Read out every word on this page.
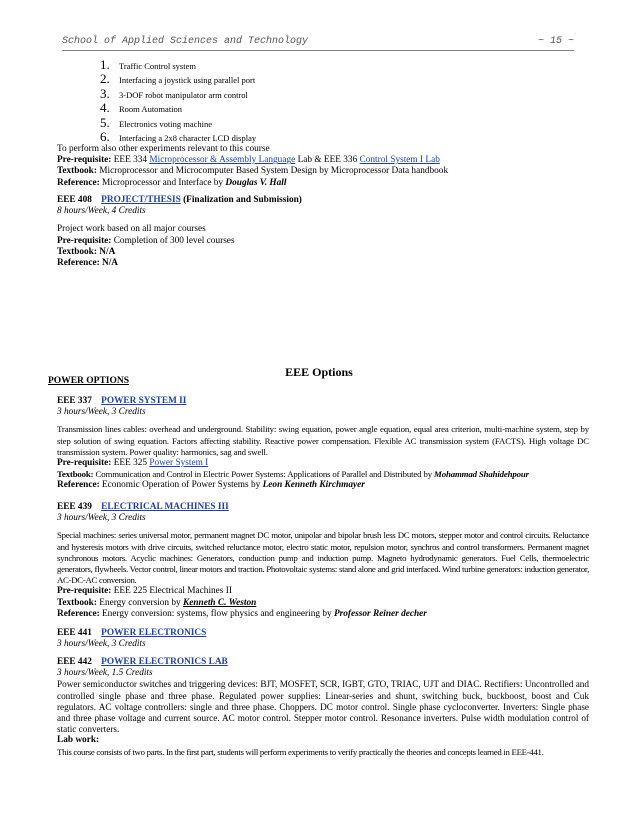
School of Applied Sciences and Technology	~ 15 ~
1. Traffic Control system
2. Interfacing a joystick using parallel port
3. 3-DOF robot manipulator arm control
4. Room Automation
5. Electronics voting machine
6. Interfacing a 2x8 character LCD display

To perform also other experiments relevant to this course

Pre-requisite: EEE 334 Microprocessor & Assembly Language Lab & EEE 336 Control System I Lab

Textbook: Microprocessor and Microcomputer Based System Design by Microprocessor Data handbook

Reference: Microprocessor and Interface by Douglas V. Hall

EEE 408 PROJECT/THESIS (Finalization and Submission)

8 hours/Week, 4 Credits

Project work based on all major courses

Pre-requisite: Completion of 300 level courses

Textbook: N/A

Reference: N/A

EEE Options
POWER OPTIONS

EEE 337 POWER SYSTEM II

3 hours/Week, 3 Credits

Transmission lines cables: overhead and underground. Stability: swing equation, power angle equation, equal area criterion, multi-machine system, step by step solution of swing equation. Factors affecting stability. Reactive power compensation. Flexible AC transmission system (FACTS). High voltage DC transmission system. Power quality: harmonics, sag and swell.

Pre-requisite: EEE 325 Power System I

Textbook: Communication and Control in Electric Power Systems: Applications of Parallel and Distributed by Mohammad Shahidehpour

Reference: Economic Operation of Power Systems by Leon Kenneth Kirchmayer

EEE 439 ELECTRICAL MACHINES III

3 hours/Week, 3 Credits

Special machines: series universal motor, permanent magnet DC motor, unipolar and bipolar brush less DC motors, stepper motor and control circuits. Reluctance and hysteresis motors with drive circuits, switched reluctance motor, electro static motor, repulsion motor, synchros and control transformers. Permanent magnet synchronous motors. Acyclic machines: Generators, conduction pump and induction pump. Magneto hydrodynamic generators. Fuel Cells, thermoelectric generators, flywheels. Vector control, linear motors and traction. Photovoltaic systems: stand alone and grid interfaced. Wind turbine generators: induction generator, AC-DC-AC conversion.

Pre-requisite: EEE 225 Electrical Machines II

Textbook: Energy conversion by Kenneth C. Weston

Reference: Energy conversion: systems, flow physics and engineering by Professor Reiner decher

EEE 441 POWER ELECTRONICS

3 hours/Week, 3 Credits

EEE 442 POWER ELECTRONICS LAB

3 hours/Week, 1.5 Credits

Power semiconductor switches and triggering devices: BJT, MOSFET, SCR, IGBT, GTO, TRIAC, UJT and DIAC. Rectifiers: Uncontrolled and controlled single phase and three phase. Regulated power supplies: Linear-series and shunt, switching buck, buckboost, boost and Cuk regulators. AC voltage controllers: single and three phase. Choppers. DC motor control. Single phase cycloconverter. Inverters: Single phase and three phase voltage and current source. AC motor control. Stepper motor control. Resonance inverters. Pulse width modulation control of static converters.

Lab work:

This course consists of two parts. In the first part, students will perform experiments to verify practically the theories and concepts learned in EEE-441.
